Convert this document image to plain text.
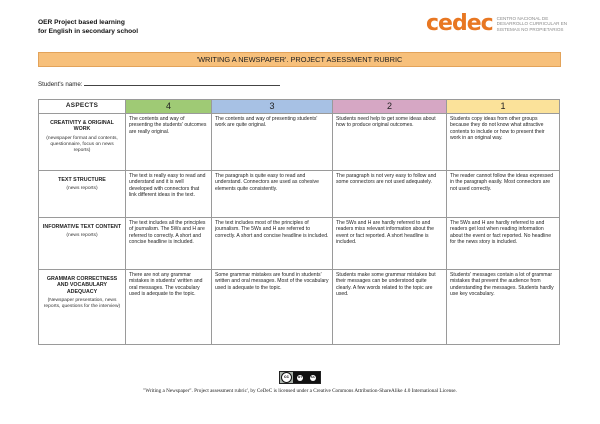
OER Project based learning
for English in secondary school	cedec CENTRO NACIONAL DE DESARROLLO CURRICULAR EN SISTEMAS NO PROPIETARIOS
'WRITING A NEWSPAPER'. PROJECT ASESSMENT RUBRIC
Student's name:
ASPECTS	4	3	2	1

CREATIVITY & ORIGINAL WORK
(newspaper format and contents, questionnaire, focus on news reports)	The contents and way of presenting the students' outcomes are really original.	The contents and way of presenting students' work are quite original.	Students need help to get some ideas about how to produce original outcomes.	Students copy ideas from other groups because they do not know what attractive contents to include or how to present their work in an original way.

TEXT STRUCTURE
(news reports)	The text is really easy to read and understand and it is well developed with connectors that link different ideas in the text.	The paragraph is quite easy to read and understand. Connectors are used as cohesive elements quite consistently.	The paragraph is not very easy to follow and some connectors are not used adequately.	The reader cannot follow the ideas expressed in the paragraph easily. Most connectors are not used correctly.

INFORMATIVE TEXT CONTENT
(news reports)	The text includes all the principles of journalism. The 5Ws and H are referred to correctly. A short and concise headline is included.	The text includes most of the principles of journalism. The 5Ws and H are referred to correctly. A short and concise headline is included.	The 5Ws and H are hardly referred to and readers miss relevant information about the event or fact reported. A short headline is included.	The 5Ws and H are hardly referred to and readers get lost when reading information about the event or fact reported. No headline for the news story is included.

GRAMMAR CORRECTNESS AND VOCABULARY ADEQUACY
(Newspaper presentation, news reports, questions for the interview)	There are not any grammar mistakes in students' written and oral messages. The vocabulary used is adequate to the topic.	Some grammar mistakes are found in students' written and oral messages. Most of the vocabulary used is adequate to the topic.	Students make some grammar mistakes but their messages can be understood quite clearly. A few words related to the topic are used.	Students' messages contain a lot of grammar mistakes that prevent the audience from understanding the messages. Students hardly use key vocabulary.
cc	BY	SA
"Writing a Newspaper". Project assessment rubric', by CeDeC is licensed under a Creative Commons Attribution-ShareAlike 4.0 International License.
